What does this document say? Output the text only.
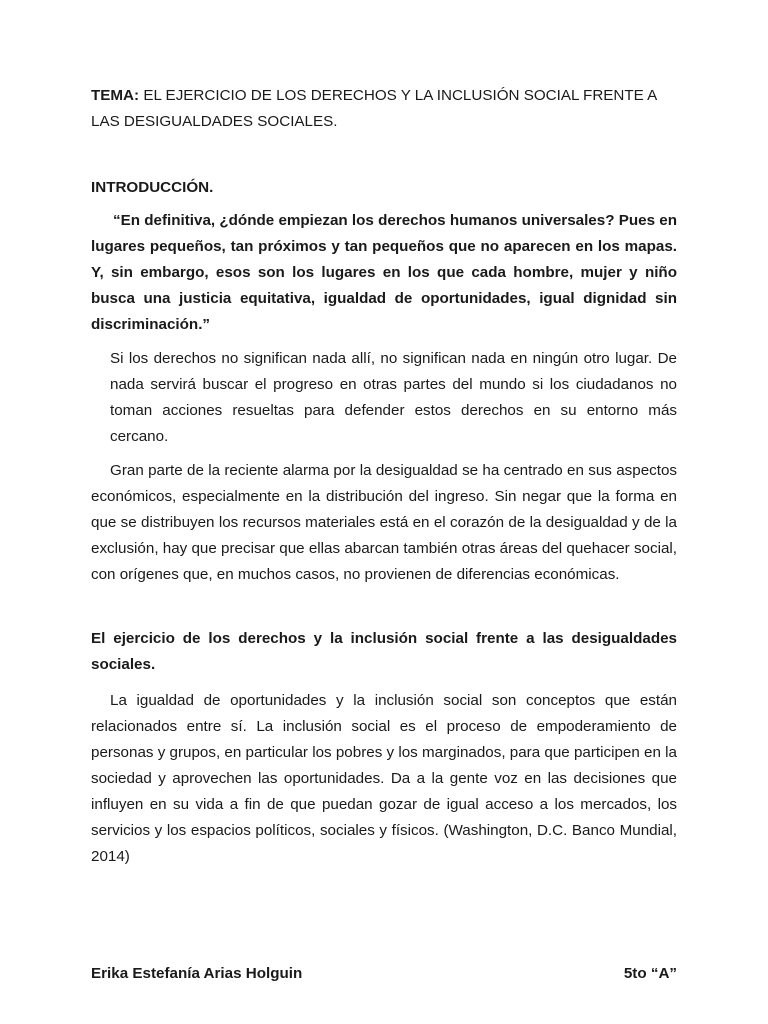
TEMA: EL EJERCICIO DE LOS DERECHOS Y LA INCLUSIÓN SOCIAL FRENTE A LAS DESIGUALDADES SOCIALES.

INTRODUCCIÓN.

“En definitiva, ¿dónde empiezan los derechos humanos universales? Pues en lugares pequeños, tan próximos y tan pequeños que no aparecen en los mapas. Y, sin embargo, esos son los lugares en los que cada hombre, mujer y niño busca una justicia equitativa, igualdad de oportunidades, igual dignidad sin discriminación.”

Si los derechos no significan nada allí, no significan nada en ningún otro lugar. De nada servirá buscar el progreso en otras partes del mundo si los ciudadanos no toman acciones resueltas para defender estos derechos en su entorno más cercano.

Gran parte de la reciente alarma por la desigualdad se ha centrado en sus aspectos económicos, especialmente en la distribución del ingreso. Sin negar que la forma en que se distribuyen los recursos materiales está en el corazón de la desigualdad y de la exclusión, hay que precisar que ellas abarcan también otras áreas del quehacer social, con orígenes que, en muchos casos, no provienen de diferencias económicas.

El ejercicio de los derechos y la inclusión social frente a las desigualdades sociales.

La igualdad de oportunidades y la inclusión social son conceptos que están relacionados entre sí. La inclusión social es el proceso de empoderamiento de personas y grupos, en particular los pobres y los marginados, para que participen en la sociedad y aprovechen las oportunidades. Da a la gente voz en las decisiones que influyen en su vida a fin de que puedan gozar de igual acceso a los mercados, los servicios y los espacios políticos, sociales y físicos. (Washington, D.C. Banco Mundial, 2014)

Erika Estefanía Arias Holguin	5to “A”
